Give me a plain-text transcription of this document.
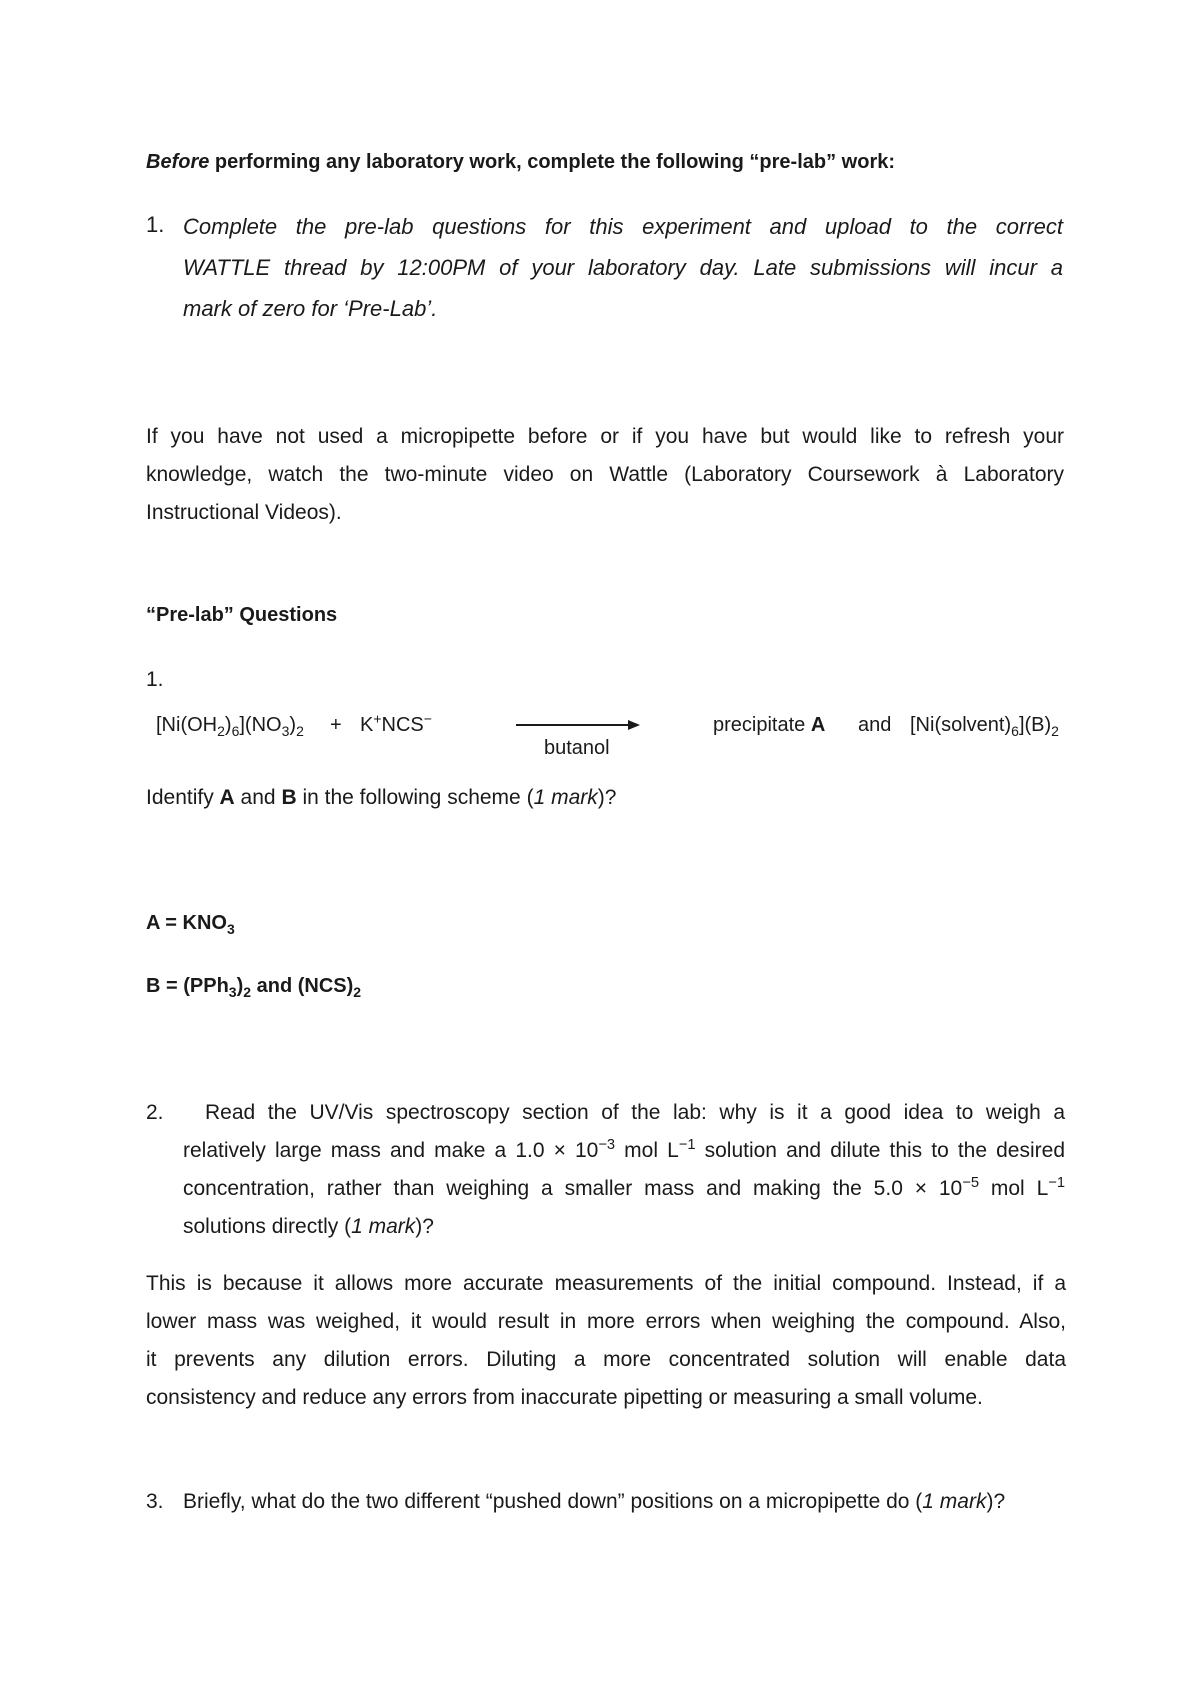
Before performing any laboratory work, complete the following “pre-lab” work:
1. Complete the pre-lab questions for this experiment and upload to the correct
WATTLE thread by 12:00PM of your laboratory day. Late submissions will incur a
mark of zero for ‘Pre-Lab’.
If you have not used a micropipette before or if you have but would like to refresh your
knowledge, watch the two-minute video on Wattle (Laboratory Coursework à Laboratory
Instructional Videos).
“Pre-lab” Questions
1.
$[Ni(OH_2)_6](NO_3)_2 + K^+NCS^-$
butanol
precipitate A and $[Ni(solvent)_6](B)_2$
Identify A and B in the following scheme (1 mark)?
$A = KNO_3$
$B = (PPh_3)_2$ and $(NCS)_2$
2.	Read the UV/Vis spectroscopy section of the lab: why is it a good idea to weigh a
relatively large mass and make a $1.0 \times 10^{-3}$ mol $L^{-1}$ solution and dilute this to the desired
concentration, rather than weighing a smaller mass and making the $5.0 \times 10^{-5}$ mol $L^{-1}$
solutions directly (1 mark)?
This is because it allows more accurate measurements of the initial compound. Instead, if a
lower mass was weighed, it would result in more errors when weighing the compound. Also,
it prevents any dilution errors. Diluting a more concentrated solution will enable data
consistency and reduce any errors from inaccurate pipetting or measuring a small volume.
3. Briefly, what do the two different “pushed down” positions on a micropipette do (1 mark)?
